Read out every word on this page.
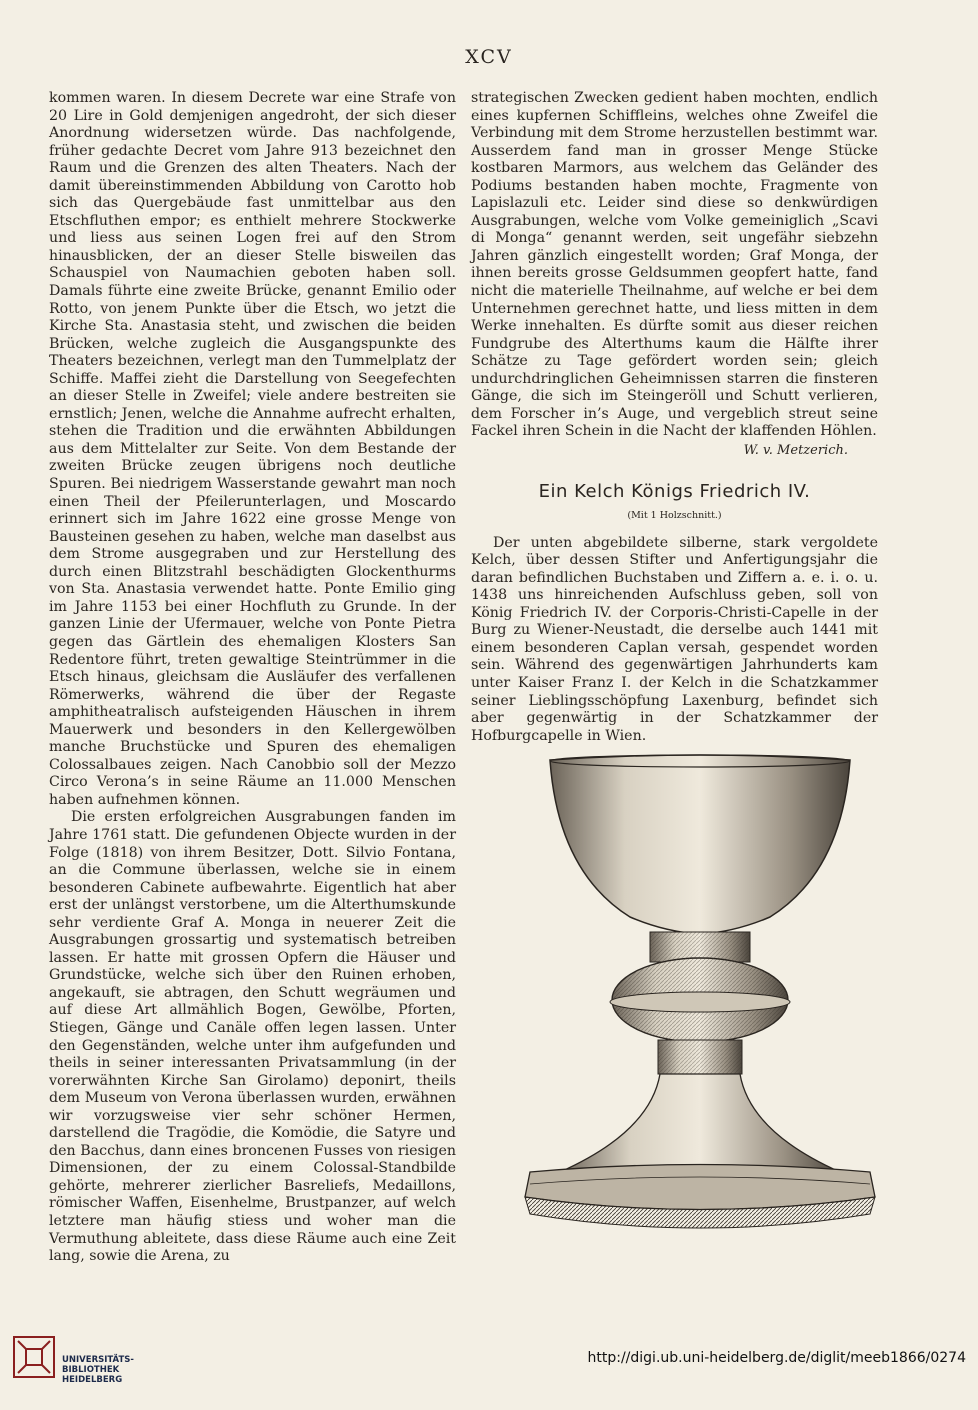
XCV

kommen waren. In diesem Decrete war eine Strafe von 20 Lire in Gold demjenigen angedroht, der sich dieser Anordnung widersetzen würde. Das nachfolgende, früher gedachte Decret vom Jahre 913 bezeichnet den Raum und die Grenzen des alten Theaters. Nach der damit übereinstimmenden Abbildung von Carotto hob sich das Quergebäude fast unmittelbar aus den Etschfluthen empor; es enthielt mehrere Stockwerke und liess aus seinen Logen frei auf den Strom hinausblicken, der an dieser Stelle bisweilen das Schauspiel von Naumachien geboten haben soll. Damals führte eine zweite Brücke, genannt Emilio oder Rotto, von jenem Punkte über die Etsch, wo jetzt die Kirche Sta. Anastasia steht, und zwischen die beiden Brücken, welche zugleich die Ausgangspunkte des Theaters bezeichnen, verlegt man den Tummelplatz der Schiffe. Maffei zieht die Darstellung von Seegefechten an dieser Stelle in Zweifel; viele andere bestreiten sie ernstlich; Jenen, welche die Annahme aufrecht erhalten, stehen die Tradition und die erwähnten Abbildungen aus dem Mittelalter zur Seite. Von dem Bestande der zweiten Brücke zeugen übrigens noch deutliche Spuren. Bei niedrigem Wasserstande gewahrt man noch einen Theil der Pfeilerunterlagen, und Moscardo erinnert sich im Jahre 1622 eine grosse Menge von Bausteinen gesehen zu haben, welche man daselbst aus dem Strome ausgegraben und zur Herstellung des durch einen Blitzstrahl beschädigten Glockenthurms von Sta. Anastasia verwendet hatte. Ponte Emilio ging im Jahre 1153 bei einer Hochfluth zu Grunde. In der ganzen Linie der Ufermauer, welche von Ponte Pietra gegen das Gärtlein des ehemaligen Klosters San Redentore führt, treten gewaltige Steintrümmer in die Etsch hinaus, gleichsam die Ausläufer des verfallenen Römerwerks, während die über der Regaste amphitheatralisch aufsteigenden Häuschen in ihrem Mauerwerk und besonders in den Kellergewölben manche Bruchstücke und Spuren des ehemaligen Colossalbaues zeigen. Nach Canobbio soll der Mezzo Circo Verona’s in seine Räume an 11.000 Menschen haben aufnehmen können.

Die ersten erfolgreichen Ausgrabungen fanden im Jahre 1761 statt. Die gefundenen Objecte wurden in der Folge (1818) von ihrem Besitzer, Dott. Silvio Fontana, an die Commune überlassen, welche sie in einem besonderen Cabinete aufbewahrte. Eigentlich hat aber erst der unlängst verstorbene, um die Alterthumskunde sehr verdiente Graf A. Monga in neuerer Zeit die Ausgrabungen grossartig und systematisch betreiben lassen. Er hatte mit grossen Opfern die Häuser und Grundstücke, welche sich über den Ruinen erhoben, angekauft, sie abtragen, den Schutt wegräumen und auf diese Art allmählich Bogen, Gewölbe, Pforten, Stiegen, Gänge und Canäle offen legen lassen. Unter den Gegenständen, welche unter ihm aufgefunden und theils in seiner interessanten Privatsammlung (in der vorerwähnten Kirche San Girolamo) deponirt, theils dem Museum von Verona überlassen wurden, erwähnen wir vorzugsweise vier sehr schöner Hermen, darstellend die Tragödie, die Komödie, die Satyre und den Bacchus, dann eines broncenen Fusses von riesigen Dimensionen, der zu einem Colossal-Standbilde gehörte, mehrerer zierlicher Basreliefs, Medaillons, römischer Waffen, Eisenhelme, Brustpanzer, auf welch letztere man häufig stiess und woher man die Vermuthung ableitete, dass diese Räume auch eine Zeit lang, sowie die Arena, zu

strategischen Zwecken gedient haben mochten, endlich eines kupfernen Schiffleins, welches ohne Zweifel die Verbindung mit dem Strome herzustellen bestimmt war. Ausserdem fand man in grosser Menge Stücke kostbaren Marmors, aus welchem das Geländer des Podiums bestanden haben mochte, Fragmente von Lapislazuli etc. Leider sind diese so denkwürdigen Ausgrabungen, welche vom Volke gemeiniglich „Scavi di Monga“ genannt werden, seit ungefähr siebzehn Jahren gänzlich eingestellt worden; Graf Monga, der ihnen bereits grosse Geldsummen geopfert hatte, fand nicht die materielle Theilnahme, auf welche er bei dem Unternehmen gerechnet hatte, und liess mitten in dem Werke innehalten. Es dürfte somit aus dieser reichen Fundgrube des Alterthums kaum die Hälfte ihrer Schätze zu Tage gefördert worden sein; gleich undurchdringlichen Geheimnissen starren die finsteren Gänge, die sich im Steingeröll und Schutt verlieren, dem Forscher in’s Auge, und vergeblich streut seine Fackel ihren Schein in die Nacht der klaffenden Höhlen.

W. v. Metzerich.
Ein Kelch Königs Friedrich IV.
(Mit 1 Holzschnitt.)

Der unten abgebildete silberne, stark vergoldete Kelch, über dessen Stifter und Anfertigungsjahr die daran befindlichen Buchstaben und Ziffern a. e. i. o. u. 1438 uns hinreichenden Aufschluss geben, soll von König Friedrich IV. der Corporis-Christi-Capelle in der Burg zu Wiener-Neustadt, die derselbe auch 1441 mit einem besonderen Caplan versah, gespendet worden sein. Während des gegenwärtigen Jahrhunderts kam unter Kaiser Franz I. der Kelch in die Schatzkammer seiner Lieblingsschöpfung Laxenburg, befindet sich aber gegenwärtig in der Schatzkammer der Hofburgcapelle in Wien.

UNIVERSITÄTS-
BIBLIOTHEK
HEIDELBERG
http://digi.ub.uni-heidelberg.de/diglit/meeb1866/0274
